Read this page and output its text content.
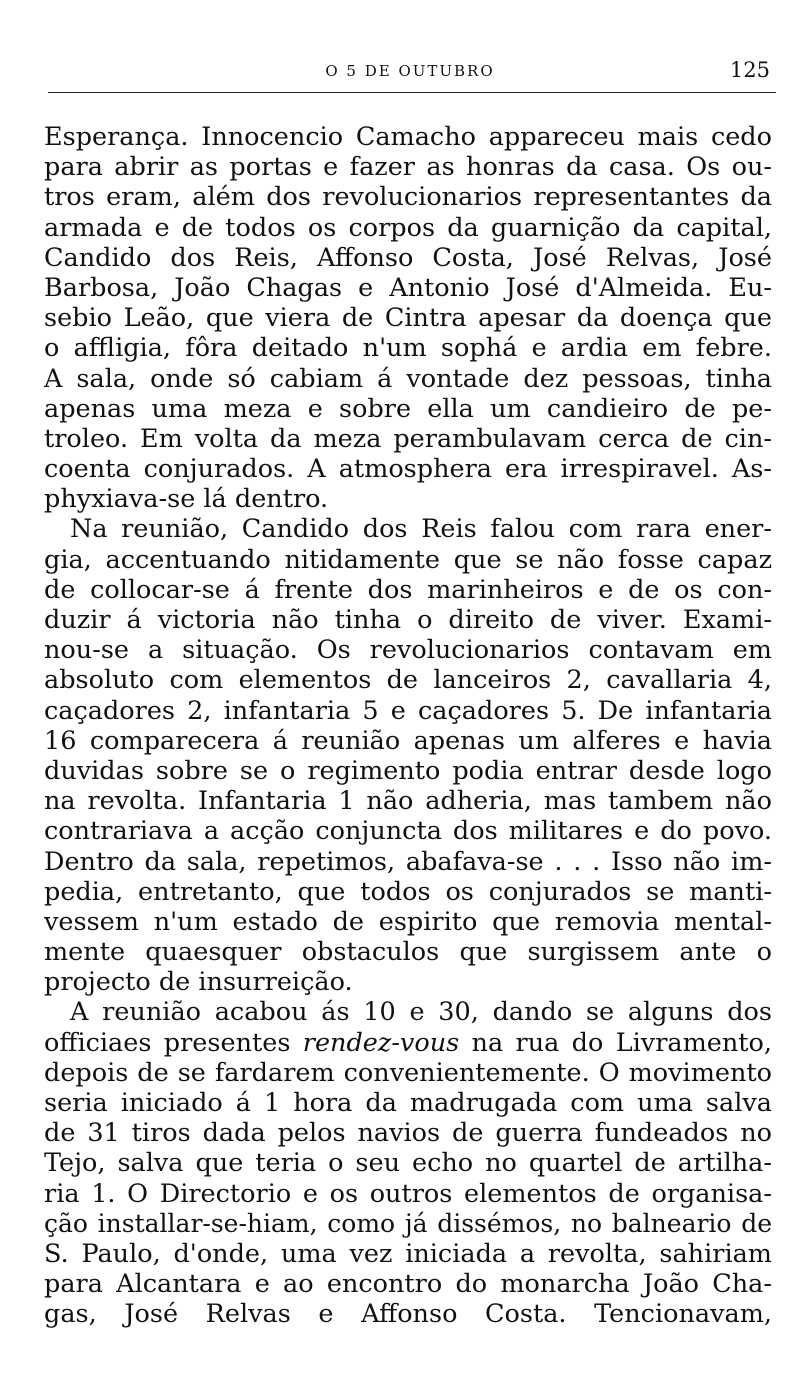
O 5 DE OUTUBRO	125
Esperança. Innocencio Camacho appareceu mais cedo
para abrir as portas e fazer as honras da casa. Os ou-
tros eram, além dos revolucionarios representantes da
armada e de todos os corpos da guarnição da capital,
Candido dos Reis, Affonso Costa, José Relvas, José
Barbosa, João Chagas e Antonio José d'Almeida. Eu-
sebio Leão, que viera de Cintra apesar da doença que
o affligia, fôra deitado n'um sophá e ardia em febre.
A sala, onde só cabiam á vontade dez pessoas, tinha
apenas uma meza e sobre ella um candieiro de pe-
troleo. Em volta da meza perambulavam cerca de cin-
coenta conjurados. A atmosphera era irrespiravel. As-
phyxiava-se lá dentro.
Na reunião, Candido dos Reis falou com rara ener-
gia, accentuando nitidamente que se não fosse capaz
de collocar-se á frente dos marinheiros e de os con-
duzir á victoria não tinha o direito de viver. Exami-
nou-se a situação. Os revolucionarios contavam em
absoluto com elementos de lanceiros 2, cavallaria 4,
caçadores 2, infantaria 5 e caçadores 5. De infantaria
16 comparecera á reunião apenas um alferes e havia
duvidas sobre se o regimento podia entrar desde logo
na revolta. Infantaria 1 não adheria, mas tambem não
contrariava a acção conjuncta dos militares e do povo.
Dentro da sala, repetimos, abafava-se . . . Isso não im-
pedia, entretanto, que todos os conjurados se manti-
vessem n'um estado de espirito que removia mental-
mente quaesquer obstaculos que surgissem ante o
projecto de insurreição.
A reunião acabou ás 10 e 30, dando se alguns dos
officiaes presentes rendez-vous na rua do Livramento,
depois de se fardarem convenientemente. O movimento
seria iniciado á 1 hora da madrugada com uma salva
de 31 tiros dada pelos navios de guerra fundeados no
Tejo, salva que teria o seu echo no quartel de artilha-
ria 1. O Directorio e os outros elementos de organisa-
ção installar-se-hiam, como já dissémos, no balneario de
S. Paulo, d'onde, uma vez iniciada a revolta, sahiriam
para Alcantara e ao encontro do monarcha João Cha-
gas, José Relvas e Affonso Costa. Tencionavam,
